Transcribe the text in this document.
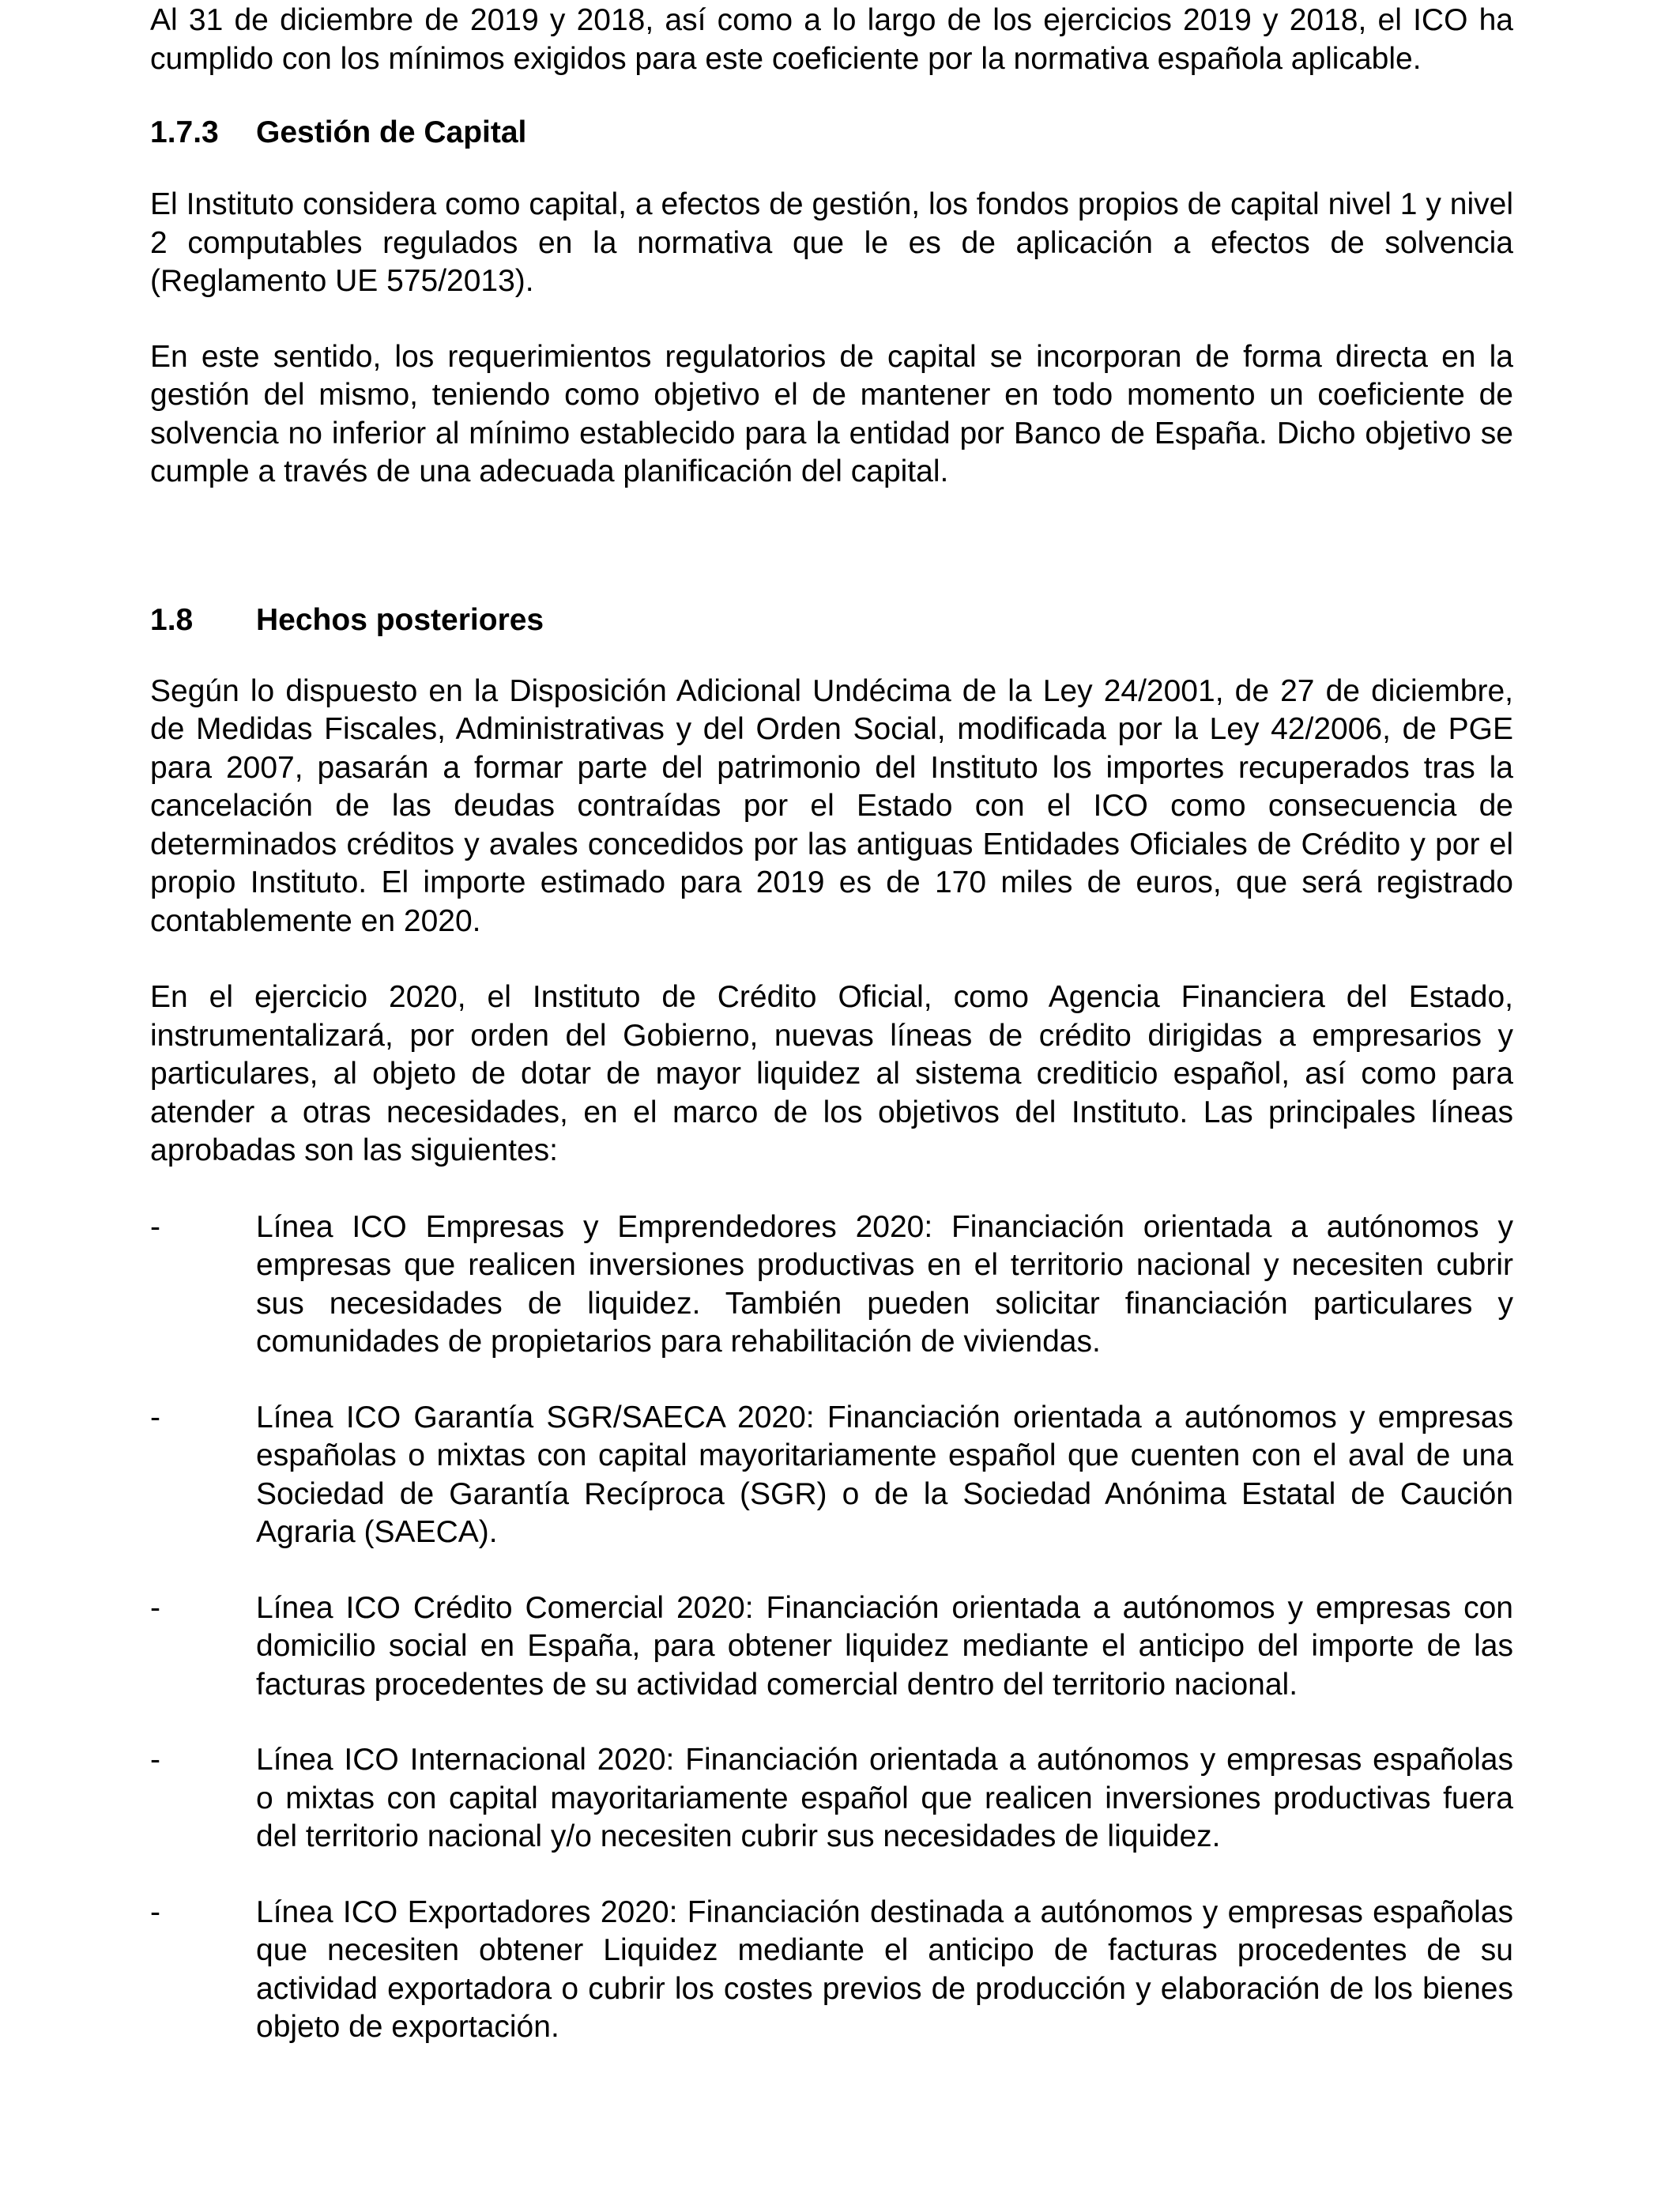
Al 31 de diciembre de 2019 y 2018, así como a lo largo de los ejercicios 2019 y 2018, el ICO ha cumplido con los mínimos exigidos para este coeficiente por la normativa española aplicable.

1.7.3	Gestión de Capital

El Instituto considera como capital, a efectos de gestión, los fondos propios de capital nivel 1 y nivel 2 computables regulados en la normativa que le es de aplicación a efectos de solvencia (Reglamento UE 575/2013).

En este sentido, los requerimientos regulatorios de capital se incorporan de forma directa en la gestión del mismo, teniendo como objetivo el de mantener en todo momento un coeficiente de solvencia no inferior al mínimo establecido para la entidad por Banco de España. Dicho objetivo se cumple a través de una adecuada planificación del capital.

1.8	Hechos posteriores

Según lo dispuesto en la Disposición Adicional Undécima de la Ley 24/2001, de 27 de diciembre, de Medidas Fiscales, Administrativas y del Orden Social, modificada por la Ley 42/2006, de PGE para 2007, pasarán a formar parte del patrimonio del Instituto los importes recuperados tras la cancelación de las deudas contraídas por el Estado con el ICO como consecuencia de determinados créditos y avales concedidos por las antiguas Entidades Oficiales de Crédito y por el propio Instituto. El importe estimado para 2019 es de 170 miles de euros, que será registrado contablemente en 2020.

En el ejercicio 2020, el Instituto de Crédito Oficial, como Agencia Financiera del Estado, instrumentalizará, por orden del Gobierno, nuevas líneas de crédito dirigidas a empresarios y particulares, al objeto de dotar de mayor liquidez al sistema crediticio español, así como para atender a otras necesidades, en el marco de los objetivos del Instituto. Las principales líneas aprobadas son las siguientes:

-	Línea ICO Empresas y Emprendedores 2020: Financiación orientada a autónomos y empresas que realicen inversiones productivas en el territorio nacional y necesiten cubrir sus necesidades de liquidez. También pueden solicitar financiación particulares y comunidades de propietarios para rehabilitación de viviendas.
-	Línea ICO Garantía SGR/SAECA 2020: Financiación orientada a autónomos y empresas españolas o mixtas con capital mayoritariamente español que cuenten con el aval de una Sociedad de Garantía Recíproca (SGR) o de la Sociedad Anónima Estatal de Caución Agraria (SAECA).
-	Línea ICO Crédito Comercial 2020: Financiación orientada a autónomos y empresas con domicilio social en España, para obtener liquidez mediante el anticipo del importe de las facturas procedentes de su actividad comercial dentro del territorio nacional.
-	Línea ICO Internacional 2020: Financiación orientada a autónomos y empresas españolas o mixtas con capital mayoritariamente español que realicen inversiones productivas fuera del territorio nacional y/o necesiten cubrir sus necesidades de liquidez.
-	Línea ICO Exportadores 2020: Financiación destinada a autónomos y empresas españolas que necesiten obtener Liquidez mediante el anticipo de facturas procedentes de su actividad exportadora o cubrir los costes previos de producción y elaboración de los bienes objeto de exportación.
